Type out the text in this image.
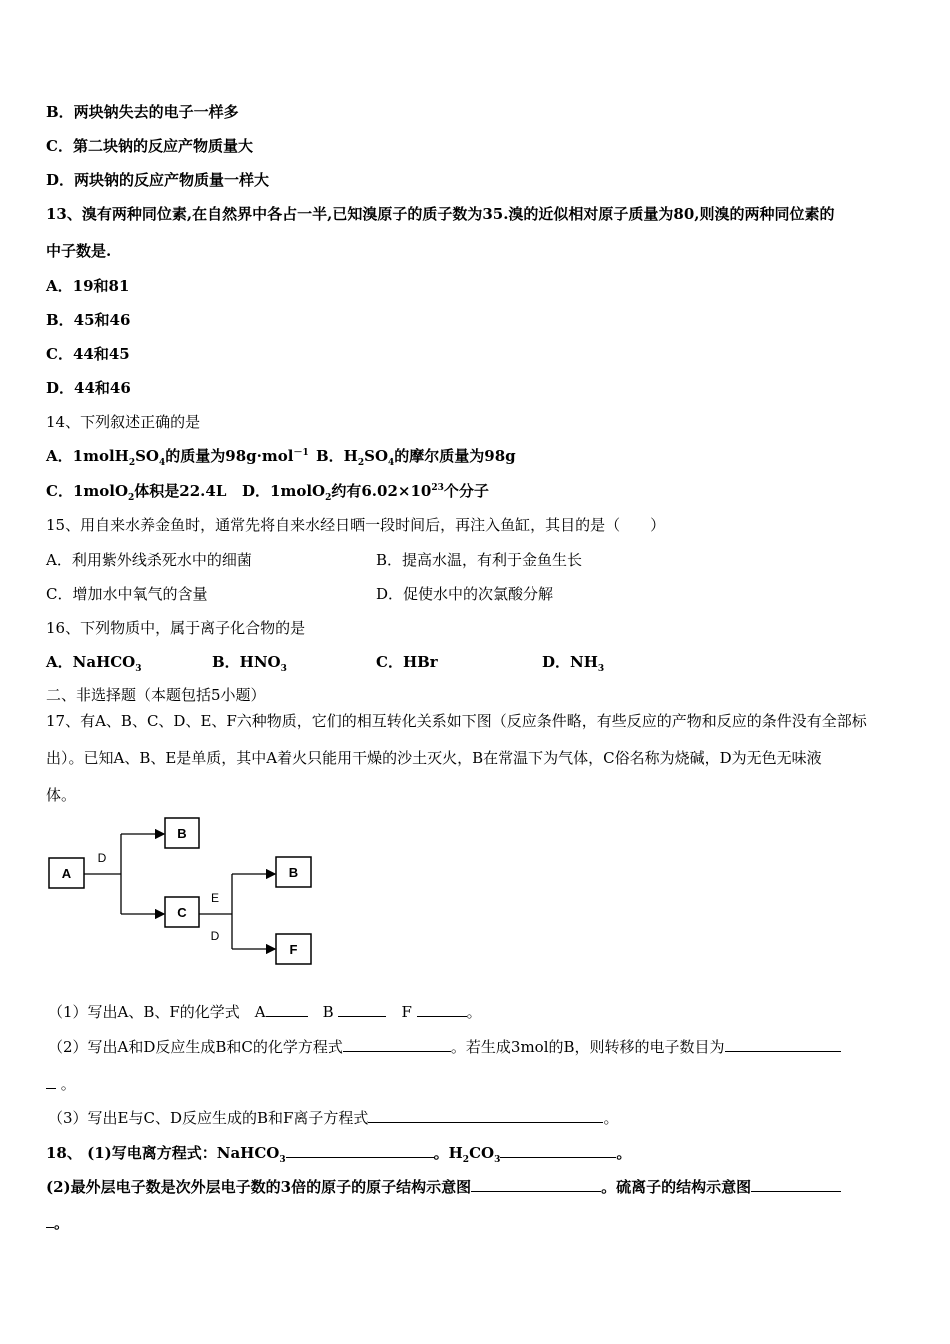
B．两块钠失去的电子一样多
C．第二块钠的反应产物质量大
D．两块钠的反应产物质量一样大
13、溴有两种同位素,在自然界中各占一半,已知溴原子的质子数为35.溴的近似相对原子质量为80,则溴的两种同位素的
中子数是.
A．19和81
B．45和46
C．44和45
D．44和46
14、下列叙述正确的是
A．$1molH_2SO_4$的质量为98g·mol$^{-1}$ B．$H_2SO_4$的摩尔质量为98g
C．1molO$_2$体积是22.4L D．1molO$_2$约有$6.02\times 10^{23}$个分子
15、用自来水养金鱼时，通常先将自来水经日晒一段时间后，再注入鱼缸，其目的是（　　）
A．利用紫外线杀死水中的细菌	B．提高水温，有利于金鱼生长
C．增加水中氧气的含量	D．促使水中的次氯酸分解
16、下列物质中，属于离子化合物的是
A．NaHCO$_3$	B．$HNO_3$	C．HBr	D．$NH_3$
二、非选择题（本题包括5小题）
17、有A、B、C、D、E、F六种物质，它们的相互转化关系如下图（反应条件略，有些反应的产物和反应的条件没有全部标
出）。已知A、B、E是单质，其中A着火只能用干燥的沙土灭火，B在常温下为气体，C俗名称为烧碱，D为无色无味液
体。
A
B
C
B
F
D
E
D
（1）写出A、B、F的化学式　A	　B	　F	。
（2）写出A和D反应生成B和C的化学方程式	。若生成3mol的B，则转移的电子数目为
。
（3）写出E与C、D反应生成的B和F离子方程式	。
18、 (1)写电离方程式：NaHCO$_3$	。$H_2CO_3$	。
(2)最外层电子数是次外层电子数的3倍的原子的原子结构示意图	。硫离子的结构示意图
。
